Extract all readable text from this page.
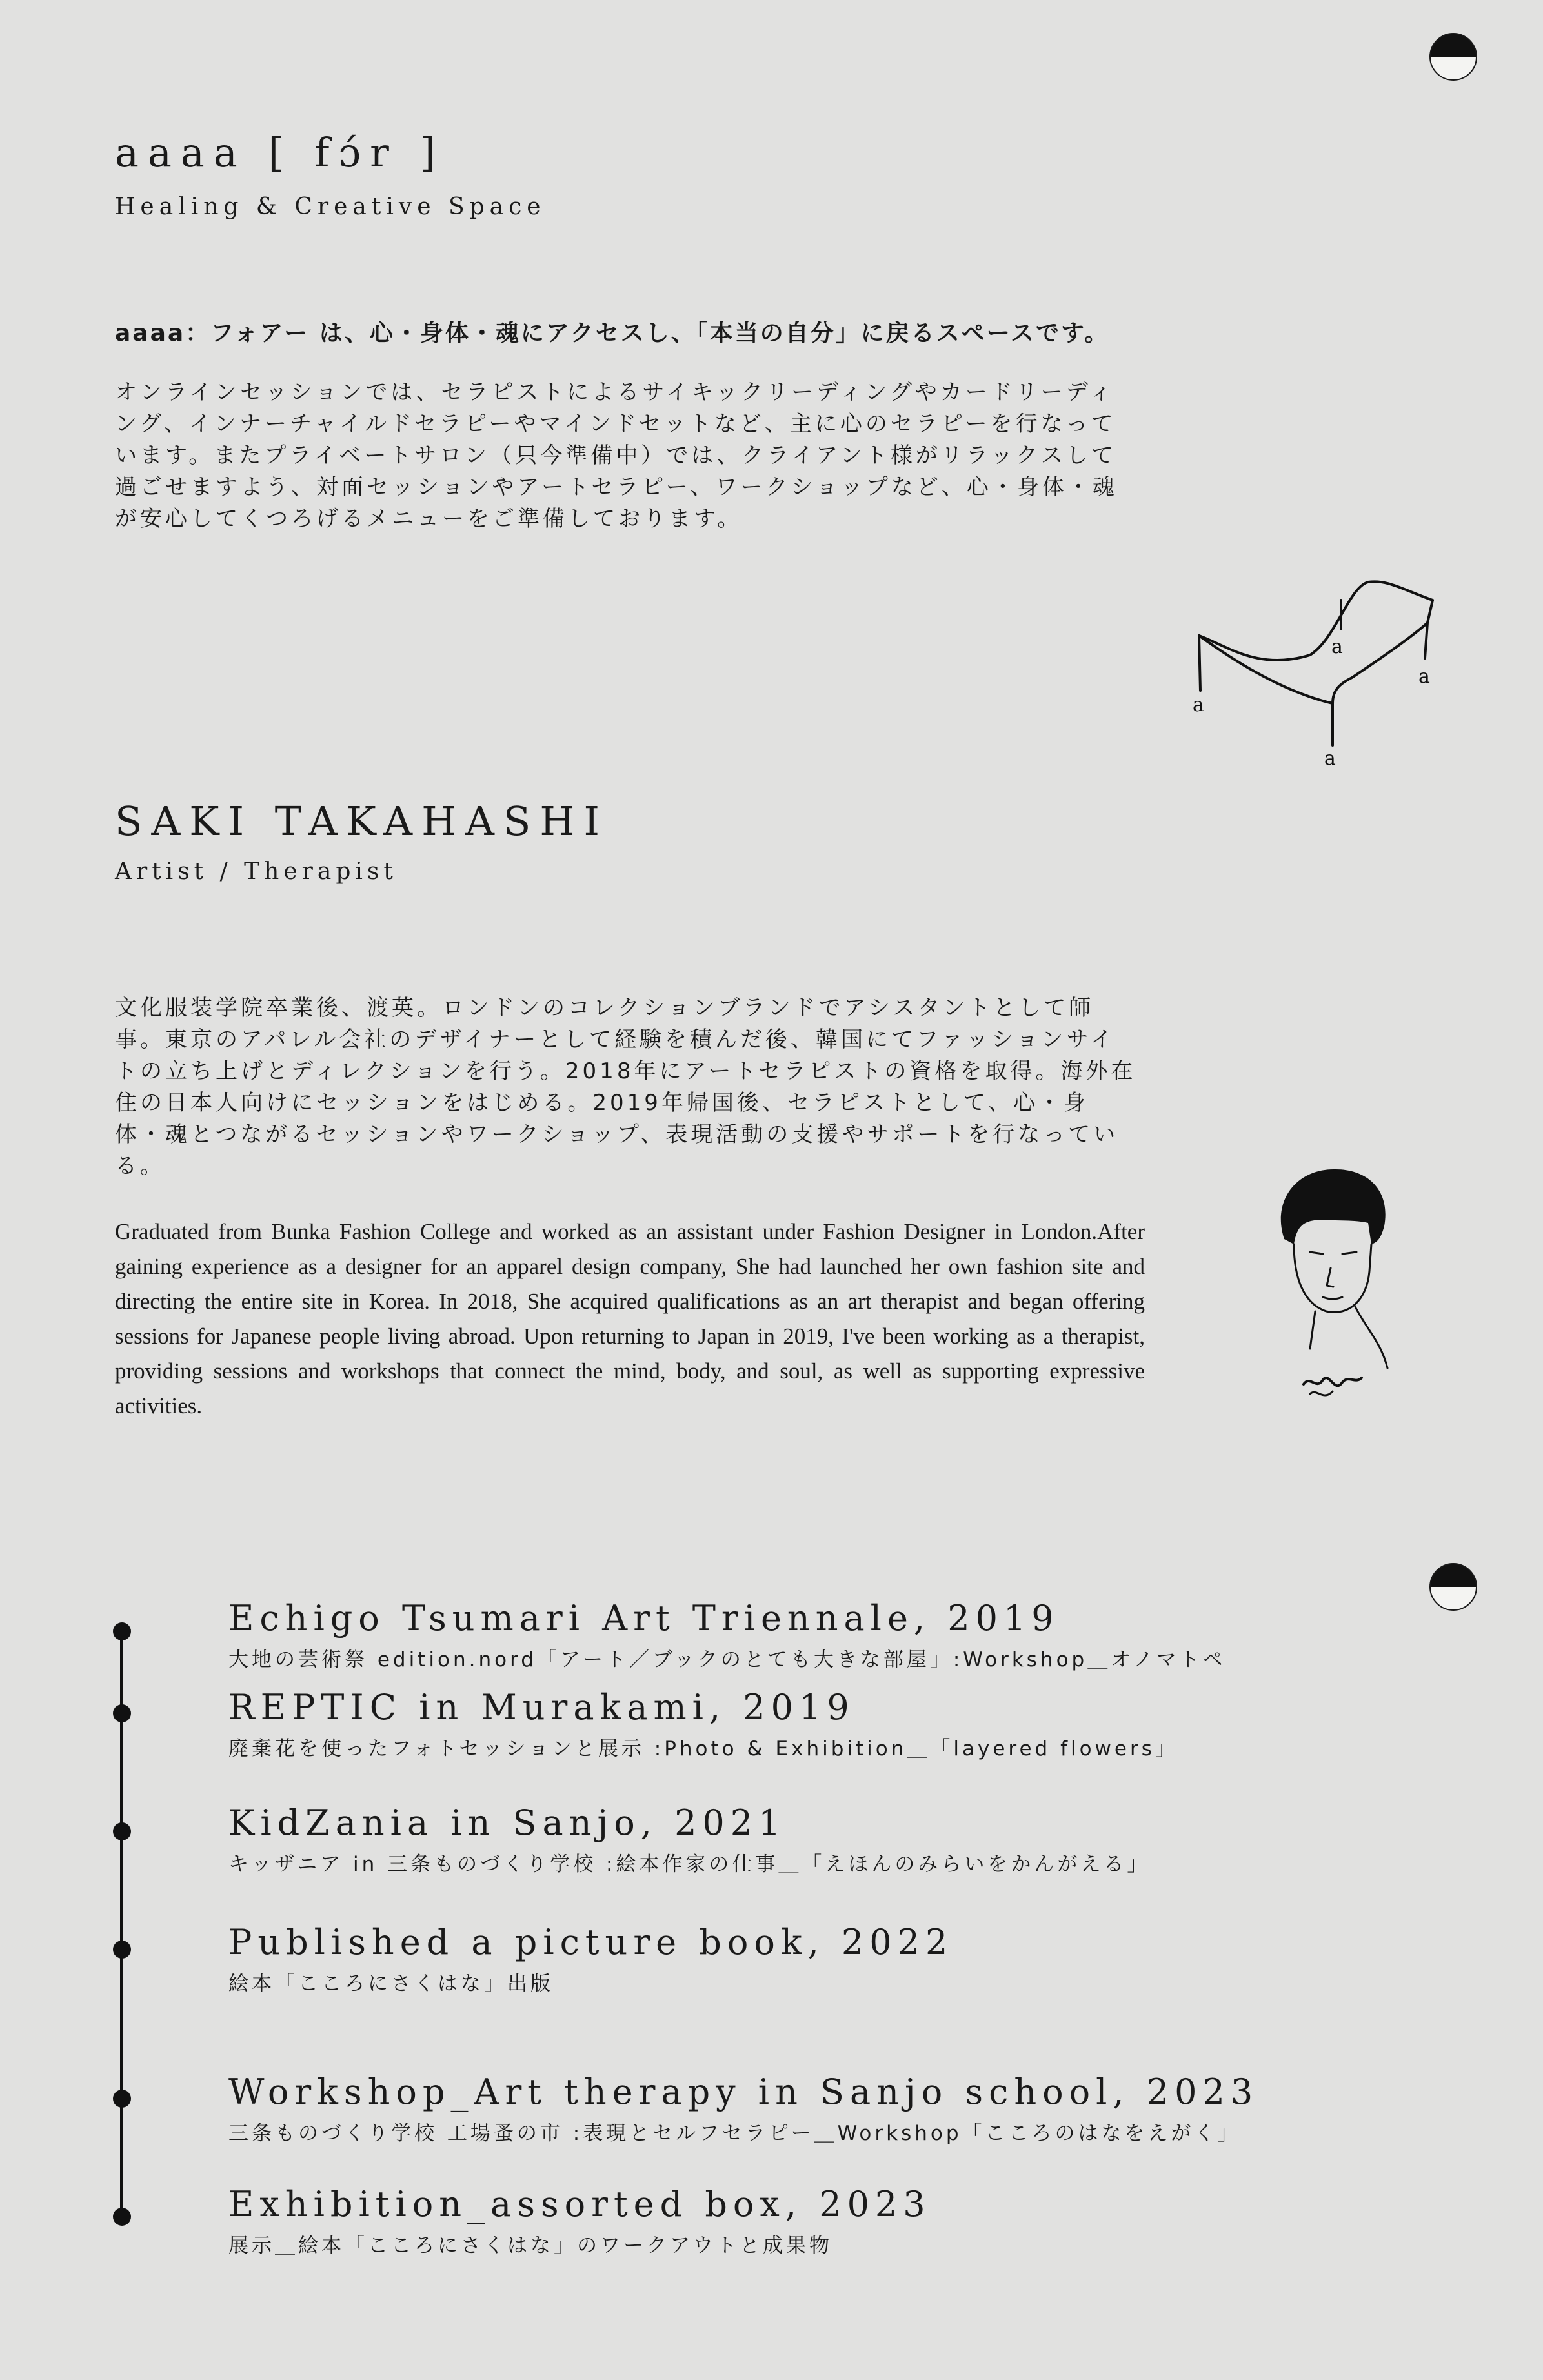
aaaa [ fɔ́r ]
Healing & Creative Space
aaaa：フォアー は、心・身体・魂にアクセスし、「本当の自分」に戻るスペースです。

オンラインセッションでは、セラピストによるサイキックリーディングやカードリーディ

ング、インナーチャイルドセラピーやマインドセットなど、主に心のセラピーを行なって

います。またプライベートサロン（只今準備中）では、クライアント様がリラックスして

過ごせますよう、対面セッションやアートセラピー、ワークショップなど、心・身体・魂

が安心してくつろげるメニューをご準備しております。

a
a
a
a
SAKI TAKAHASHI
Artist / Therapist

文化服装学院卒業後、渡英。ロンドンのコレクションブランドでアシスタントとして師

事。東京のアパレル会社のデザイナーとして経験を積んだ後、韓国にてファッションサイ

トの立ち上げとディレクションを行う。2018年にアートセラピストの資格を取得。海外在

住の日本人向けにセッションをはじめる。2019年帰国後、セラピストとして、心・身

体・魂とつながるセッションやワークショップ、表現活動の支援やサポートを行なってい

る。

Graduated from Bunka Fashion College and worked as an assistant under Fashion Designer in London.After gaining experience as a designer for an apparel design company, She had launched her own fashion site and directing the entire site in Korea. In 2018, She acquired qualifications as an art therapist and began offering sessions for Japanese people living abroad. Upon returning to Japan in 2019, I've been working as a therapist, providing sessions and workshops that connect the mind, body, and soul, as well as supporting expressive activities.

Echigo Tsumari Art Triennale, 2019
大地の芸術祭 edition.nord「アート／ブックのとても大きな部屋」:Workshop＿オノマトペ
REPTIC in Murakami, 2019
廃棄花を使ったフォトセッションと展示 :Photo & Exhibition＿「layered flowers」
KidZania in Sanjo, 2021
キッザニア in 三条ものづくり学校 :絵本作家の仕事＿「えほんのみらいをかんがえる」
Published a picture book, 2022
絵本「こころにさくはな」出版
Workshop_Art therapy in Sanjo school, 2023
三条ものづくり学校 工場蚤の市 :表現とセルフセラピー＿Workshop「こころのはなをえがく」
Exhibition_assorted box, 2023
展示＿絵本「こころにさくはな」のワークアウトと成果物
